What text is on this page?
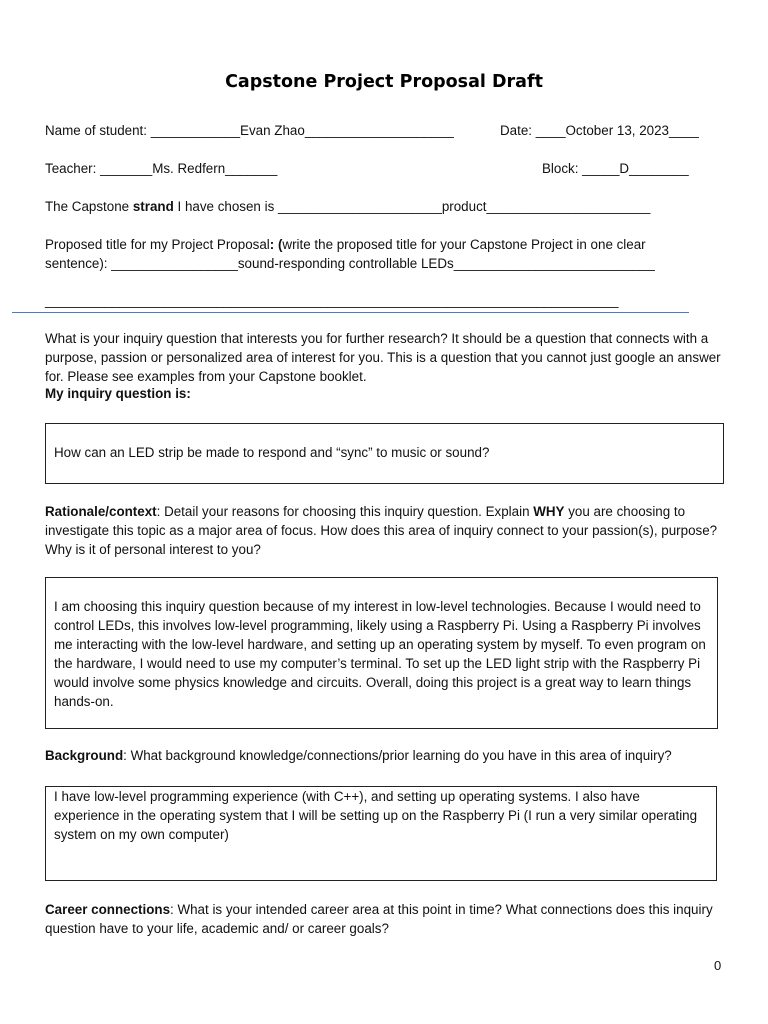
Capstone Project Proposal Draft
Name of student: ____________Evan Zhao____________________	Date: ____October 13, 2023____
Teacher: _______Ms. Redfern_______	Block: _____D________
The Capstone strand I have chosen is ______________________product______________________
Proposed title for my Project Proposal: (write the proposed title for your Capstone Project in one clear
sentence): _________________sound-responding controllable LEDs___________________________
_____________________________________________________________________________
What is your inquiry question that interests you for further research? It should be a question that connects with a purpose, passion or personalized area of interest for you. This is a question that you cannot just google an answer for. Please see examples from your Capstone booklet.
My inquiry question is:
How can an LED strip be made to respond and “sync” to music or sound?
Rationale/context: Detail your reasons for choosing this inquiry question. Explain WHY you are choosing to investigate this topic as a major area of focus. How does this area of inquiry connect to your passion(s), purpose? Why is it of personal interest to you?
I am choosing this inquiry question because of my interest in low-level technologies. Because I would need to control LEDs, this involves low-level programming, likely using a Raspberry Pi. Using a Raspberry Pi involves me interacting with the low-level hardware, and setting up an operating system by myself. To even program on the hardware, I would need to use my computer’s terminal. To set up the LED light strip with the Raspberry Pi would involve some physics knowledge and circuits. Overall, doing this project is a great way to learn things hands-on.
Background: What background knowledge/connections/prior learning do you have in this area of inquiry?
I have low-level programming experience (with C++), and setting up operating systems. I also have experience in the operating system that I will be setting up on the Raspberry Pi (I run a very similar operating system on my own computer)
Career connections: What is your intended career area at this point in time? What connections does this inquiry question have to your life, academic and/ or career goals?
0
